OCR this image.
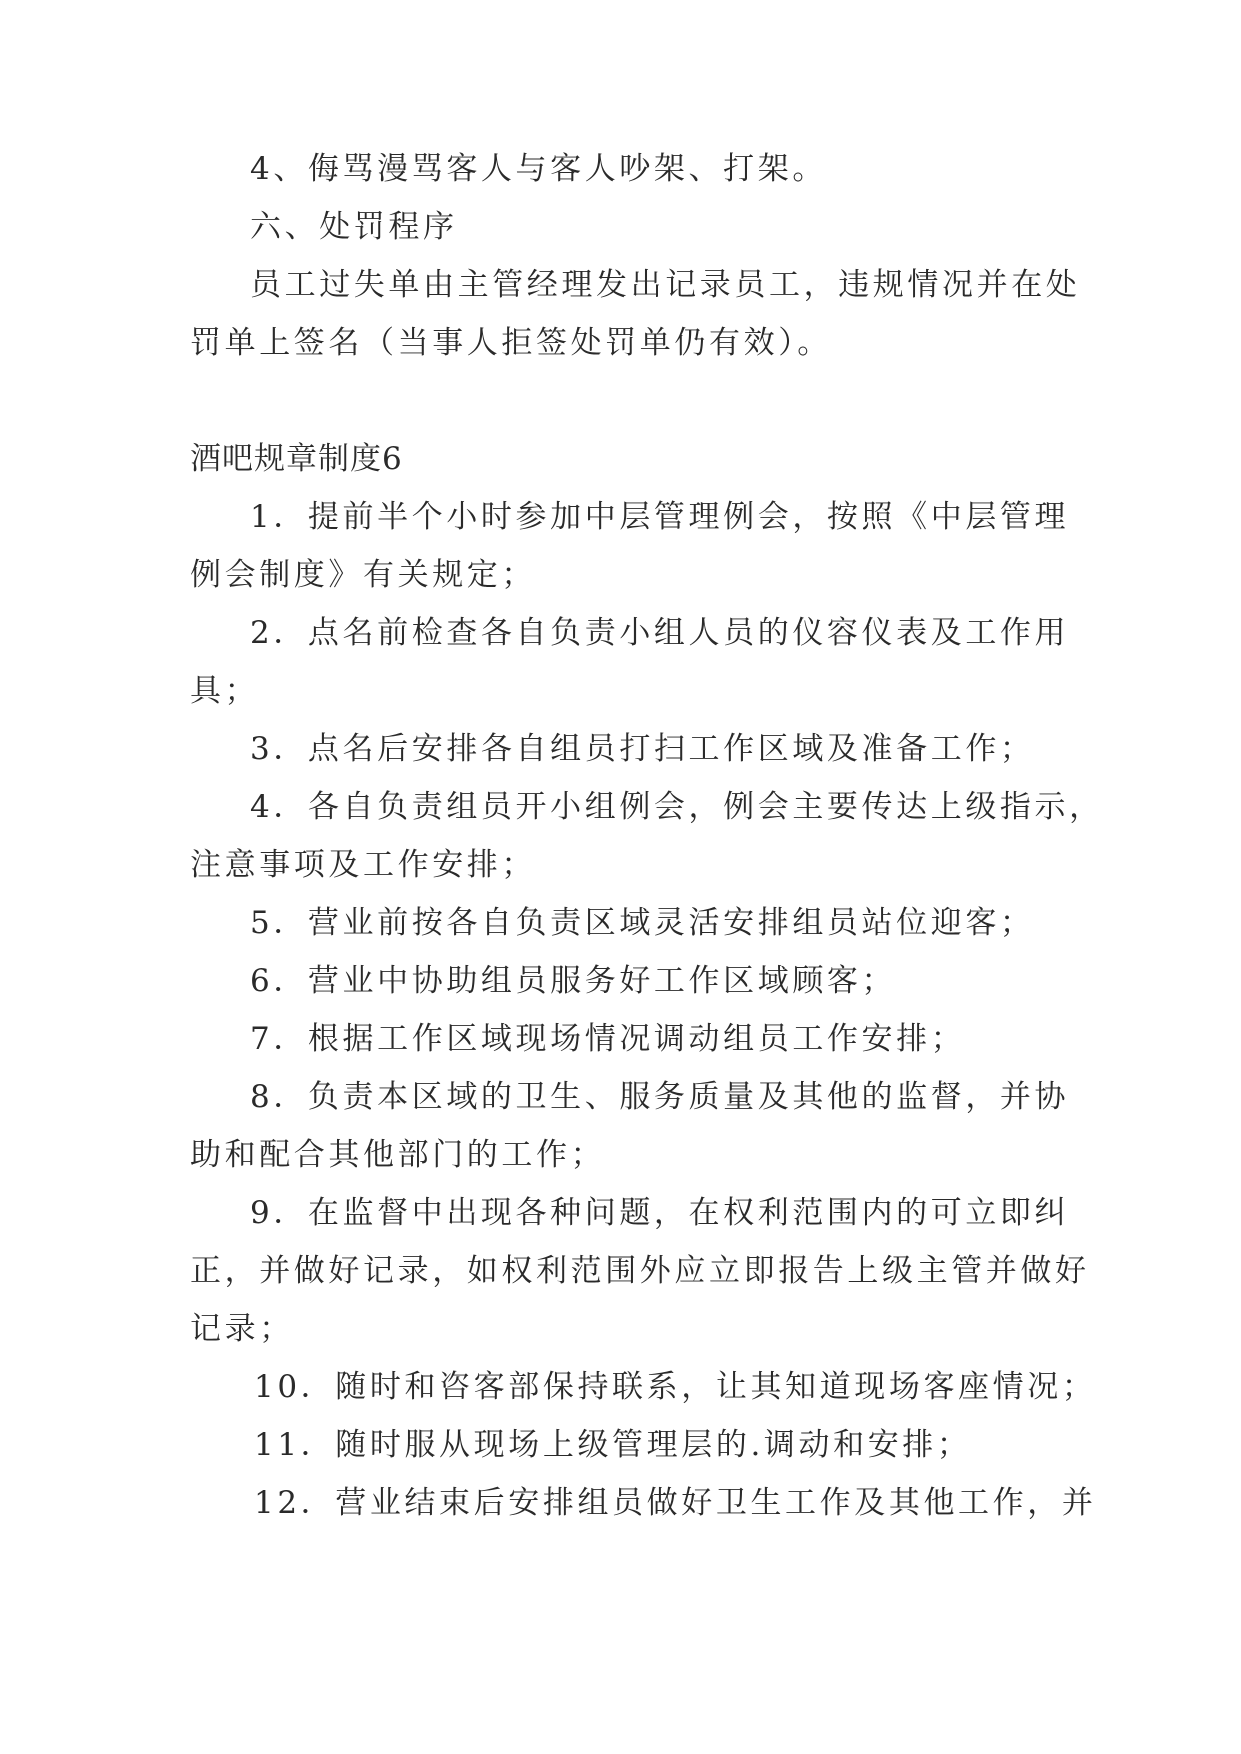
4、侮骂漫骂客人与客人吵架、打架。
六、处罚程序
员工过失单由主管经理发出记录员工，违规情况并在处
罚单上签名（当事人拒签处罚单仍有效）。
酒吧规章制度6
1．提前半个小时参加中层管理例会，按照《中层管理
例会制度》有关规定；
2．点名前检查各自负责小组人员的仪容仪表及工作用
具；
3．点名后安排各自组员打扫工作区域及准备工作；
4．各自负责组员开小组例会，例会主要传达上级指示，
注意事项及工作安排；
5．营业前按各自负责区域灵活安排组员站位迎客；
6．营业中协助组员服务好工作区域顾客；
7．根据工作区域现场情况调动组员工作安排；
8．负责本区域的卫生、服务质量及其他的监督，并协
助和配合其他部门的工作；
9．在监督中出现各种问题，在权利范围内的可立即纠
正，并做好记录，如权利范围外应立即报告上级主管并做好
记录；
10．随时和咨客部保持联系，让其知道现场客座情况；
11．随时服从现场上级管理层的.调动和安排；
12．营业结束后安排组员做好卫生工作及其他工作，并
